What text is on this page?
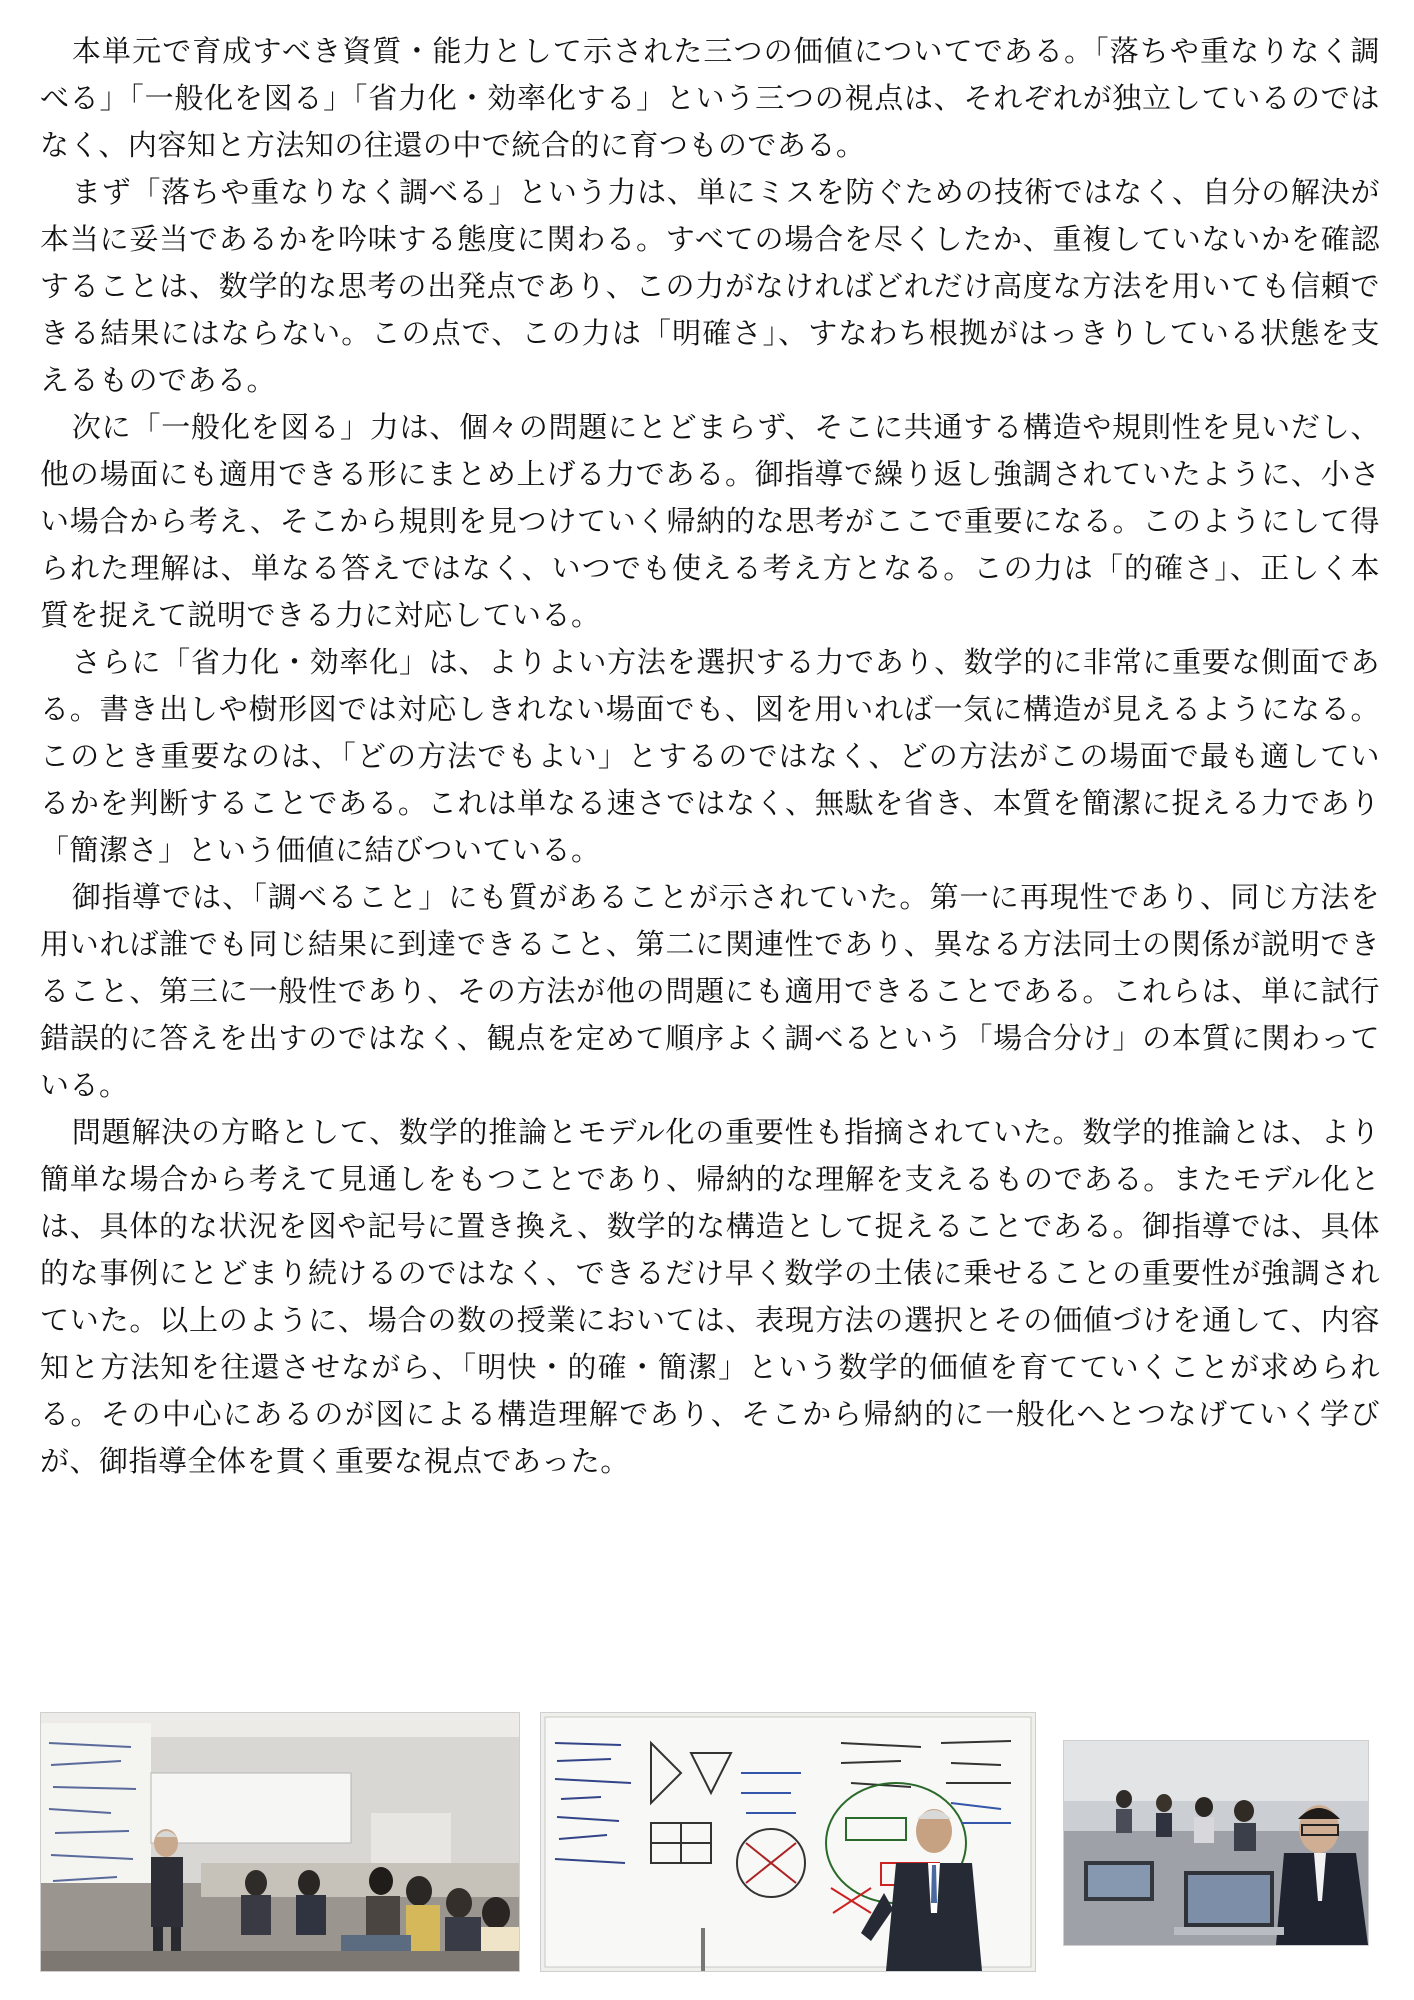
本単元で育成すべき資質・能力として示された三つの価値についてである。「落ちや重なりなく調べる」「一般化を図る」「省力化・効率化する」という三つの視点は、それぞれが独立しているのではなく、内容知と方法知の往還の中で統合的に育つものである。

まず「落ちや重なりなく調べる」という力は、単にミスを防ぐための技術ではなく、自分の解決が本当に妥当であるかを吟味する態度に関わる。すべての場合を尽くしたか、重複していないかを確認することは、数学的な思考の出発点であり、この力がなければどれだけ高度な方法を用いても信頼できる結果にはならない。この点で、この力は「明確さ」、すなわち根拠がはっきりしている状態を支えるものである。

次に「一般化を図る」力は、個々の問題にとどまらず、そこに共通する構造や規則性を見いだし、他の場面にも適用できる形にまとめ上げる力である。御指導で繰り返し強調されていたように、小さい場合から考え、そこから規則を見つけていく帰納的な思考がここで重要になる。このようにして得られた理解は、単なる答えではなく、いつでも使える考え方となる。この力は「的確さ」、正しく本質を捉えて説明できる力に対応している。

さらに「省力化・効率化」は、よりよい方法を選択する力であり、数学的に非常に重要な側面である。書き出しや樹形図では対応しきれない場面でも、図を用いれば一気に構造が見えるようになる。このとき重要なのは、「どの方法でもよい」とするのではなく、どの方法がこの場面で最も適しているかを判断することである。これは単なる速さではなく、無駄を省き、本質を簡潔に捉える力であり「簡潔さ」という価値に結びついている。

御指導では、「調べること」にも質があることが示されていた。第一に再現性であり、同じ方法を用いれば誰でも同じ結果に到達できること、第二に関連性であり、異なる方法同士の関係が説明できること、第三に一般性であり、その方法が他の問題にも適用できることである。これらは、単に試行錯誤的に答えを出すのではなく、観点を定めて順序よく調べるという「場合分け」の本質に関わっている。

問題解決の方略として、数学的推論とモデル化の重要性も指摘されていた。数学的推論とは、より簡単な場合から考えて見通しをもつことであり、帰納的な理解を支えるものである。またモデル化とは、具体的な状況を図や記号に置き換え、数学的な構造として捉えることである。御指導では、具体的な事例にとどまり続けるのではなく、できるだけ早く数学の土俵に乗せることの重要性が強調されていた。以上のように、場合の数の授業においては、表現方法の選択とその価値づけを通して、内容知と方法知を往還させながら、「明快・的確・簡潔」という数学的価値を育てていくことが求められる。その中心にあるのが図による構造理解であり、そこから帰納的に一般化へとつなげていく学びが、御指導全体を貫く重要な視点であった。
